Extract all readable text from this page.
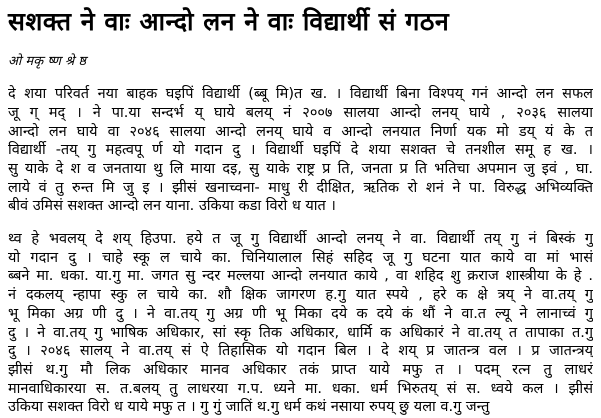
सशक्त ने वाः आन्दो लन ने वाः विद्यार्थी सं गठन
ओ मकृ ष्ण श्रे ष्ठ
दे शया परिवर्त नया बाहक घइपिं विद्यार्थी (ब्बू मि)त ख. । विद्यार्थी बिना विश्पय् गनं आन्दो लन सफल
जू ग् मद् । ने पा.या सन्दर्भ य् घाये बलय् नं २००७ सालया आन्दो लनय् घाये , २०३६ सालया
आन्दो लन घाये वा २०४६ सालया आन्दो लनय् घाये व आन्दो लनयात निर्णा यक मो डय् यं के त
विद्यार्थी -तय् गु महत्वपू र्ण यो गदान दु । विद्यार्थी घइपिं दे शया सशक्त चे तनशील समू ह ख. ।
सु याके दे श व जनताया थु लि माया दइ, सु याके राष्ट्र प्र ति, जनता प्र ति भतिचा अपमान जु इवं , घा.
लाये वं तु रुन्त मि जु इ । झीसं खनाच्वना- माधु री दीक्षित, ऋतिक रो शनं ने पा. विरुद्ध अभिव्यक्ति
बीवं उमिसं सशक्त आन्दो लन याना. उकिया कडा विरो ध यात ।
थ्व हे भवलय् दे शय् हिउपा. हये त जू गु विद्यार्थी आन्दो लनय् ने वा. विद्यार्थी तय् गु नं बिस्कं गु
यो गदान दु । चाहे स्कू ल चाये का. चिनियालाल सिहं सहिद जू गु घटना यात काये वा मां भासं
ब्बने मा. धका. या.गु मा. जगत सु न्दर मल्लया आन्दो लनयात काये , वा शहिद शु क्रराज शास्त्रीया के हे .
नं दकलय् न्हापा स्कु ल चाये का. शौ क्षिक जागरण ह.गु यात स्पये , हरे क क्षे त्रय् ने वा.तय् गु
भू मिका अग्र णी दु । ने वा.तय् गु अग्र णी भू मिका दये क दये कं थौं ने वा.त ल्यू ने लानाच्वं गु
दु । ने वा.तय् गु भाषिक अधिकार, सां स्कृ तिक अधिकार, धार्मि क अधिकारं ने वा.तय् त तापाका त.गु
दु । २०४६ सालय् ने वा.तय् सं ऐ तिहासिक यो गदान बिल । दे शय् प्र जातन्त्र वल । प्र जातन्त्रय्
झीसं थ.गु मौ लिक अधिकार मानव अधिकार तकं प्राप्त याये मफु त । पदम् रत्न तु लाधरं
मानवाधिकारया स. त.बलय् तु लाधरया ग.प. ध्यने मा. धका. धर्म भिरुतय् सं स. ध्वये कल । झीसं
उकिया सशक्त विरो ध याये मफु त । गु गुं जातिं थ.गु धर्म कथं नसाया रुपय् छु यला व.गु जन्तु
